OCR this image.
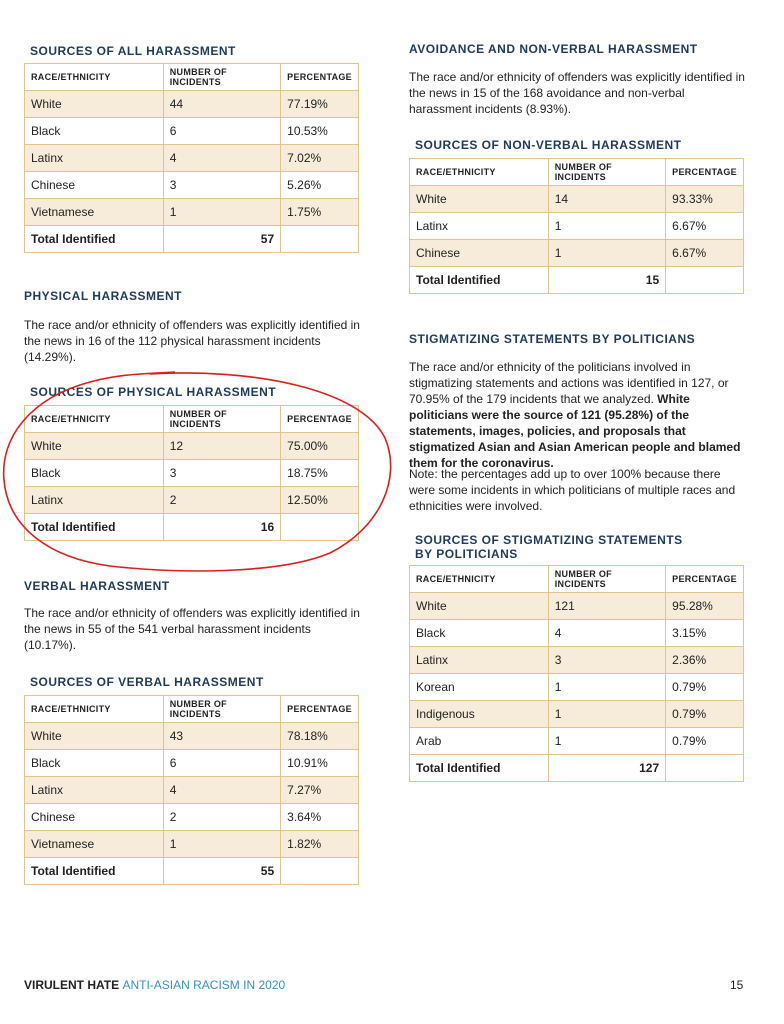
SOURCES OF ALL HARASSMENT
RACE/ETHNICITY	NUMBER OF INCIDENTS	PERCENTAGE
White	44	77.19%
Black	6	10.53%
Latinx	4	7.02%
Chinese	3	5.26%
Vietnamese	1	1.75%
Total Identified	57	
PHYSICAL HARASSMENT

The race and/or ethnicity of offenders was explicitly identified in the news in 16 of the 112 physical harassment incidents (14.29%).

SOURCES OF PHYSICAL HARASSMENT
RACE/ETHNICITY	NUMBER OF INCIDENTS	PERCENTAGE
White	12	75.00%
Black	3	18.75%
Latinx	2	12.50%
Total Identified	16	
VERBAL HARASSMENT

The race and/or ethnicity of offenders was explicitly identified in the news in 55 of the 541 verbal harassment incidents (10.17%).

SOURCES OF VERBAL HARASSMENT
RACE/ETHNICITY	NUMBER OF INCIDENTS	PERCENTAGE
White	43	78.18%
Black	6	10.91%
Latinx	4	7.27%
Chinese	2	3.64%
Vietnamese	1	1.82%
Total Identified	55	
AVOIDANCE AND NON-VERBAL HARASSMENT

The race and/or ethnicity of offenders was explicitly identified in the news in 15 of the 168 avoidance and non-verbal harassment incidents (8.93%).

SOURCES OF NON-VERBAL HARASSMENT
RACE/ETHNICITY	NUMBER OF INCIDENTS	PERCENTAGE
White	14	93.33%
Latinx	1	6.67%
Chinese	1	6.67%
Total Identified	15	
STIGMATIZING STATEMENTS BY POLITICIANS

The race and/or ethnicity of the politicians involved in stigmatizing statements and actions was identified in 127, or 70.95% of the 179 incidents that we analyzed. White politicians were the source of 121 (95.28%) of the statements, images, policies, and proposals that stigmatized Asian and Asian American people and blamed them for the coronavirus.

Note: the percentages add up to over 100% because there were some incidents in which politicians of multiple races and ethnicities were involved.

SOURCES OF STIGMATIZING STATEMENTS
BY POLITICIANS
RACE/ETHNICITY	NUMBER OF INCIDENTS	PERCENTAGE
White	121	95.28%
Black	4	3.15%
Latinx	3	2.36%
Korean	1	0.79%
Indigenous	1	0.79%
Arab	1	0.79%
Total Identified	127	
VIRULENT HATE ANTI-ASIAN RACISM IN 2020	15
